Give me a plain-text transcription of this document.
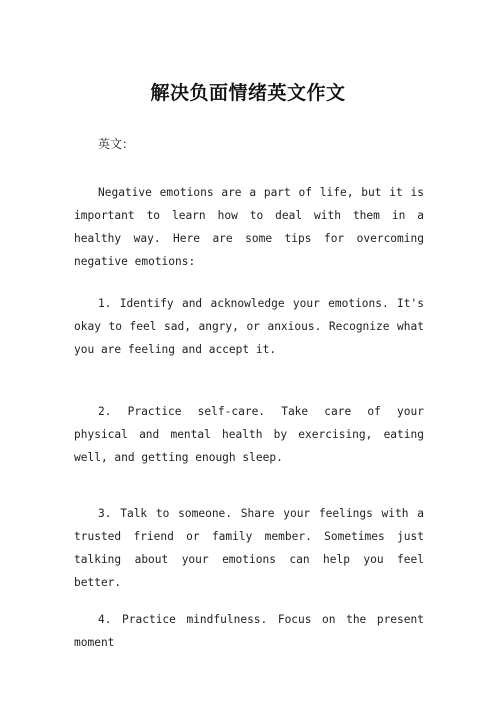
解决负面情绪英文作文
英文：

Negative emotions are a part of life, but it is important to learn how to deal with them in a healthy way. Here are some tips for overcoming negative emotions:

1. Identify and acknowledge your emotions. It's okay to feel sad, angry, or anxious. Recognize what you are feeling and accept it.

2. Practice self-care. Take care of your physical and mental health by exercising, eating well, and getting enough sleep.

3. Talk to someone. Share your feelings with a trusted friend or family member. Sometimes just talking about your emotions can help you feel better.

4. Practice mindfulness. Focus on the present moment
